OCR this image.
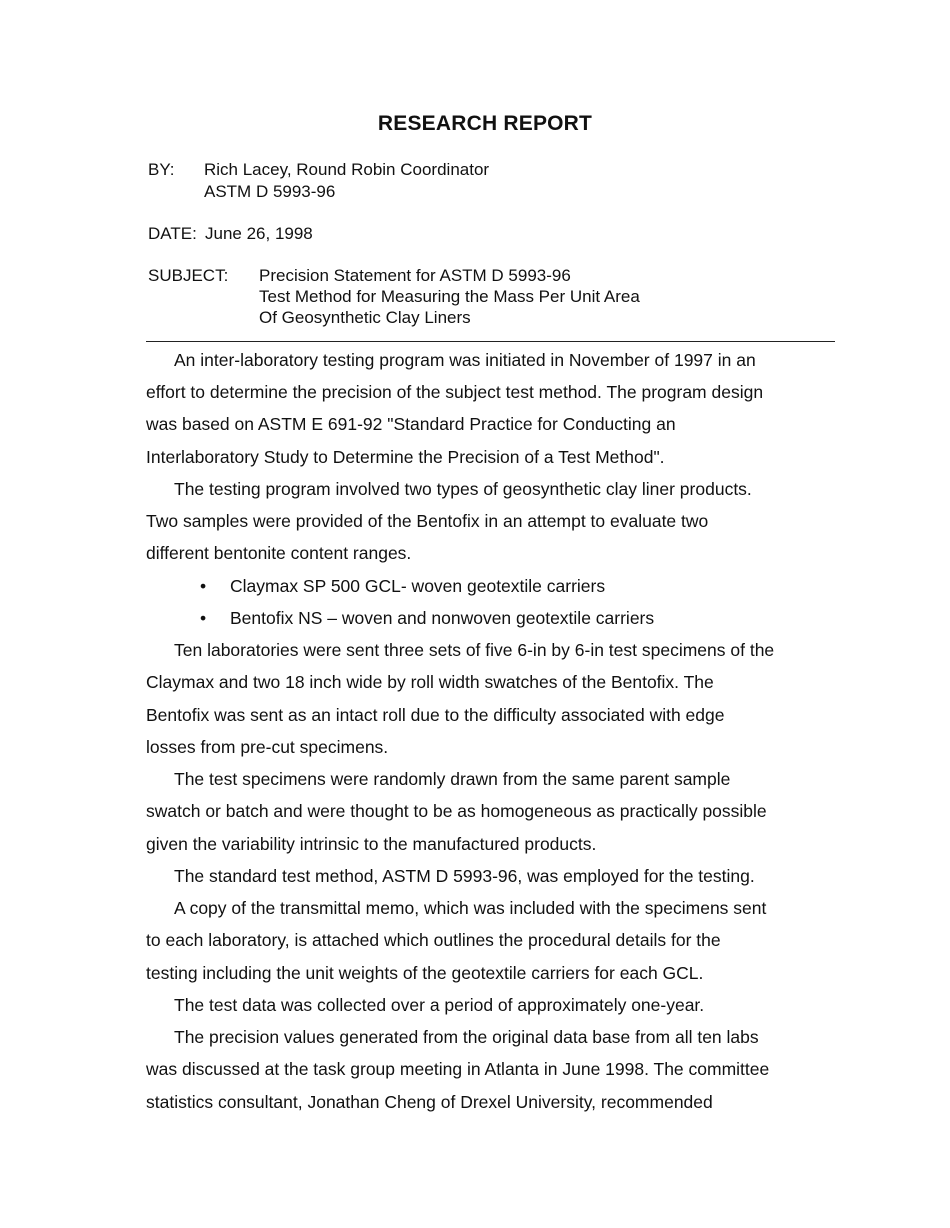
RESEARCH REPORT
BY: Rich Lacey, Round Robin Coordinator
ASTM D 5993-96
DATE: June 26, 1998
SUBJECT: Precision Statement for ASTM D 5993-96
Test Method for Measuring the Mass Per Unit Area
Of Geosynthetic Clay Liners
An inter-laboratory testing program was initiated in November of 1997 in an
effort to determine the precision of the subject test method. The program design
was based on ASTM E 691-92 "Standard Practice for Conducting an
Interlaboratory Study to Determine the Precision of a Test Method".
The testing program involved two types of geosynthetic clay liner products.
Two samples were provided of the Bentofix in an attempt to evaluate two
different bentonite content ranges.
• Claymax SP 500 GCL- woven geotextile carriers
• Bentofix NS – woven and nonwoven geotextile carriers
Ten laboratories were sent three sets of five 6-in by 6-in test specimens of the
Claymax and two 18 inch wide by roll width swatches of the Bentofix. The
Bentofix was sent as an intact roll due to the difficulty associated with edge
losses from pre-cut specimens.
The test specimens were randomly drawn from the same parent sample
swatch or batch and were thought to be as homogeneous as practically possible
given the variability intrinsic to the manufactured products.
The standard test method, ASTM D 5993-96, was employed for the testing.
A copy of the transmittal memo, which was included with the specimens sent
to each laboratory, is attached which outlines the procedural details for the
testing including the unit weights of the geotextile carriers for each GCL.
The test data was collected over a period of approximately one-year.
The precision values generated from the original data base from all ten labs
was discussed at the task group meeting in Atlanta in June 1998. The committee
statistics consultant, Jonathan Cheng of Drexel University, recommended
